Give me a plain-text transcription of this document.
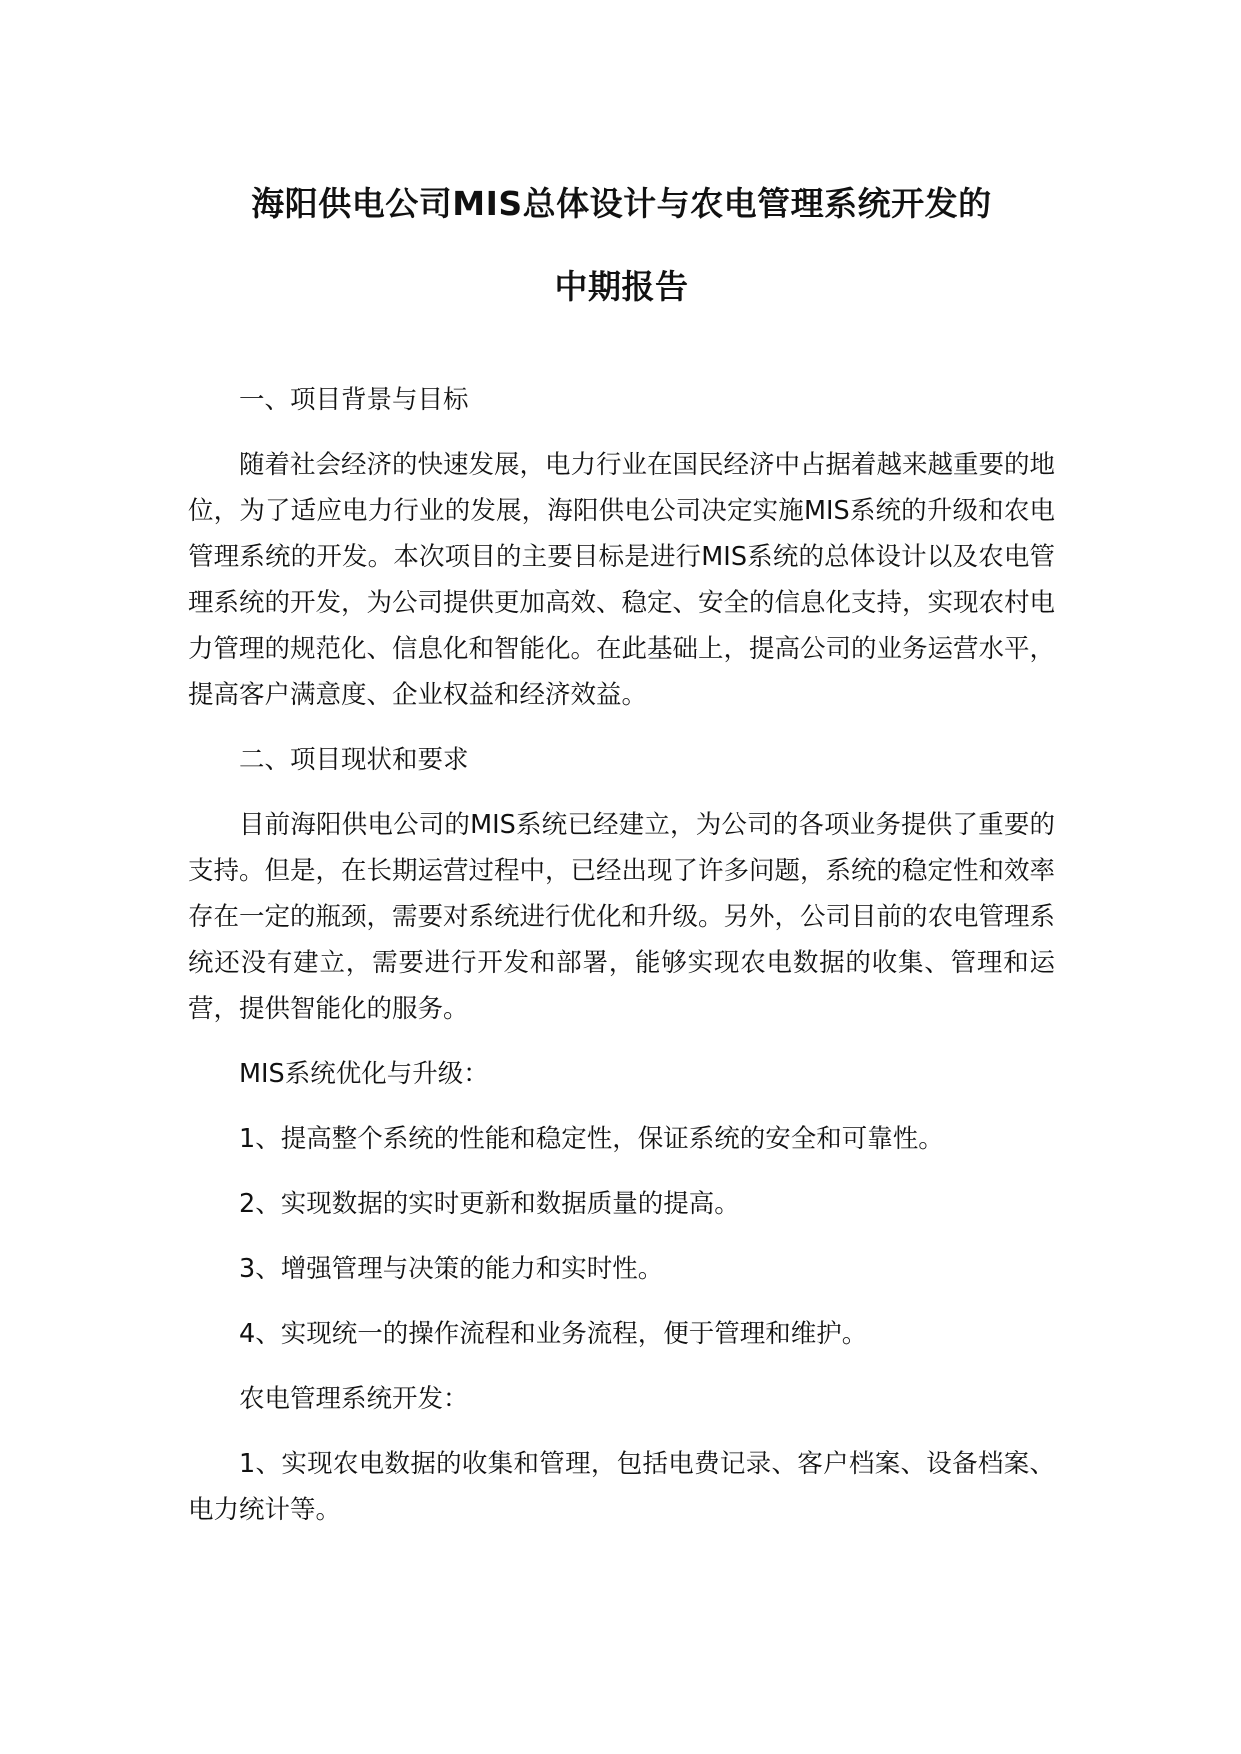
海阳供电公司MIS总体设计与农电管理系统开发的
中期报告

一、项目背景与目标

随着社会经济的快速发展，电力行业在国民经济中占据着越来越重要的地位，为了适应电力行业的发展，海阳供电公司决定实施MIS系统的升级和农电管理系统的开发。本次项目的主要目标是进行MIS系统的总体设计以及农电管理系统的开发，为公司提供更加高效、稳定、安全的信息化支持，实现农村电力管理的规范化、信息化和智能化。在此基础上，提高公司的业务运营水平，提高客户满意度、企业权益和经济效益。

二、项目现状和要求

目前海阳供电公司的MIS系统已经建立，为公司的各项业务提供了重要的支持。但是，在长期运营过程中，已经出现了许多问题，系统的稳定性和效率存在一定的瓶颈，需要对系统进行优化和升级。另外，公司目前的农电管理系统还没有建立，需要进行开发和部署，能够实现农电数据的收集、管理和运营，提供智能化的服务。

MIS系统优化与升级：

1、提高整个系统的性能和稳定性，保证系统的安全和可靠性。

2、实现数据的实时更新和数据质量的提高。

3、增强管理与决策的能力和实时性。

4、实现统一的操作流程和业务流程，便于管理和维护。

农电管理系统开发：

1、实现农电数据的收集和管理，包括电费记录、客户档案、设备档案、电力统计等。
